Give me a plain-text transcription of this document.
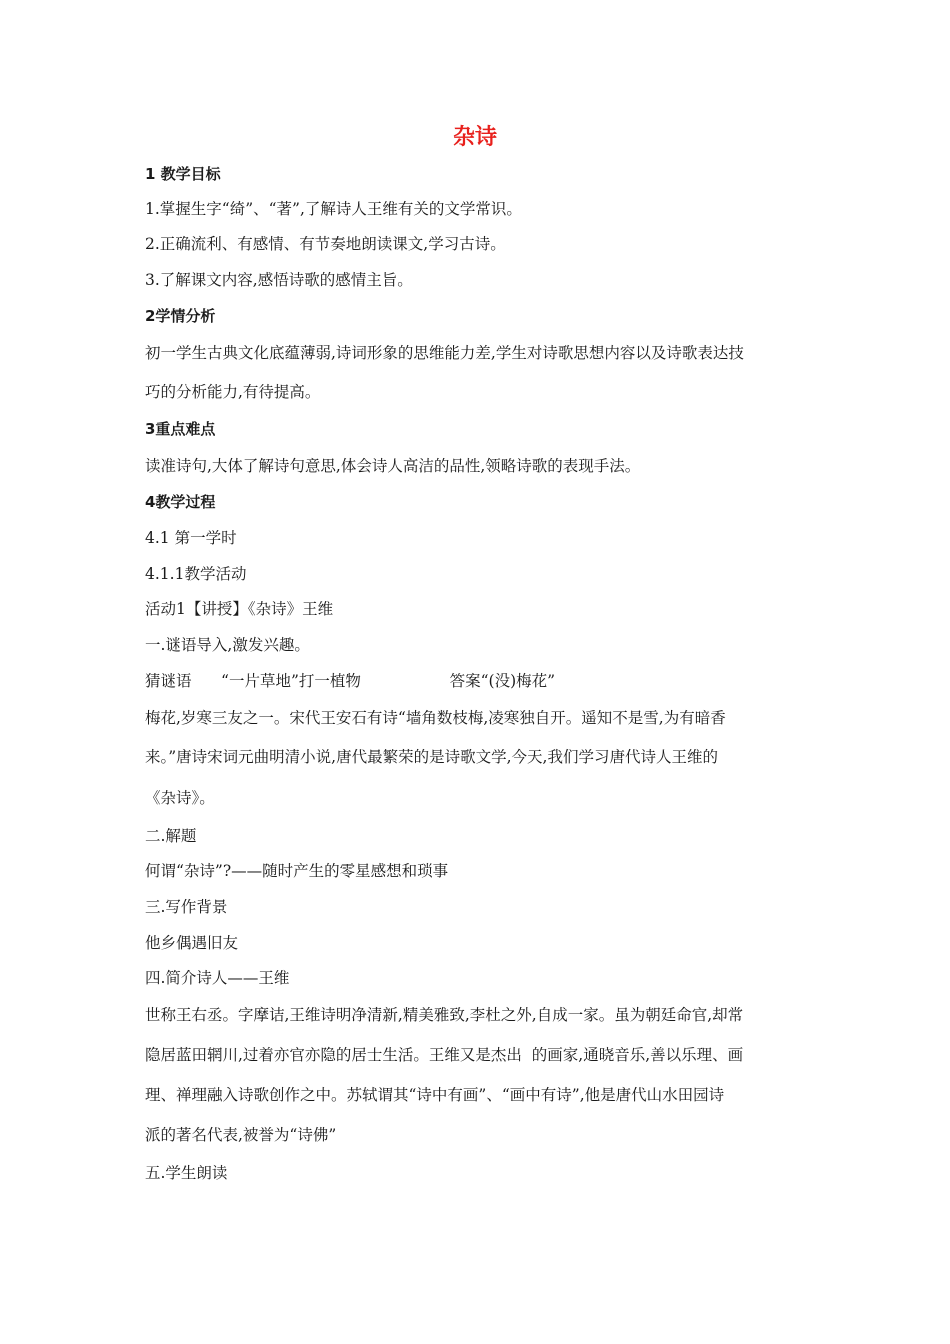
杂诗
1 教学目标
1.掌握生字“绮”、“著”,了解诗人王维有关的文学常识。
2.正确流利、有感情、有节奏地朗读课文,学习古诗。
3.了解课文内容,感悟诗歌的感情主旨。
2学情分析
初一学生古典文化底蕴薄弱,诗词形象的思维能力差,学生对诗歌思想内容以及诗歌表达技
巧的分析能力,有待提高。
3重点难点
读准诗句,大体了解诗句意思,体会诗人高洁的品性,领略诗歌的表现手法。
4教学过程
4.1 第一学时
4.1.1教学活动
活动1【讲授】《杂诗》王维
一.谜语导入,激发兴趣。
猜谜语      “一片草地”打一植物                  答案“(没)梅花”
梅花,岁寒三友之一。宋代王安石有诗“墙角数枝梅,凌寒独自开。遥知不是雪,为有暗香
来。”唐诗宋词元曲明清小说,唐代最繁荣的是诗歌文学,今天,我们学习唐代诗人王维的
《杂诗》。
二.解题
何谓“杂诗”?——随时产生的零星感想和琐事
三.写作背景
他乡偶遇旧友
四.简介诗人——王维
世称王右丞。字摩诘,王维诗明净清新,精美雅致,李杜之外,自成一家。虽为朝廷命官,却常
隐居蓝田辋川,过着亦官亦隐的居士生活。王维又是杰出  的画家,通晓音乐,善以乐理、画
理、禅理融入诗歌创作之中。苏轼谓其“诗中有画”、“画中有诗”,他是唐代山水田园诗
派的著名代表,被誉为“诗佛”
五.学生朗读
